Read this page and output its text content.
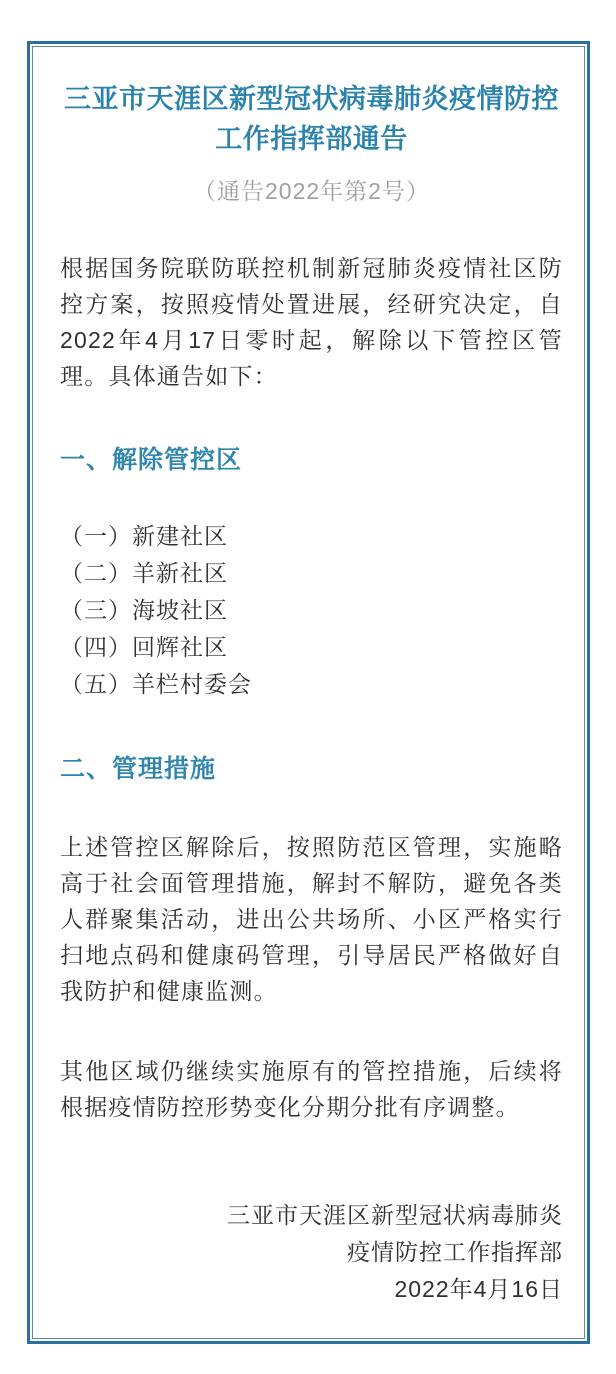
三亚市天涯区新型冠状病毒肺炎疫情防控工作指挥部通告
（通告2022年第2号）

根据国务院联防联控机制新冠肺炎疫情社区防控方案，按照疫情处置进展，经研究决定，自2022年4月17日零时起，解除以下管控区管理。具体通告如下：

一、解除管控区
（一）新建社区
（二）羊新社区
（三）海坡社区
（四）回辉社区
（五）羊栏村委会
二、管理措施

上述管控区解除后，按照防范区管理，实施略高于社会面管理措施，解封不解防，避免各类人群聚集活动，进出公共场所、小区严格实行扫地点码和健康码管理，引导居民严格做好自我防护和健康监测。

其他区域仍继续实施原有的管控措施，后续将根据疫情防控形势变化分期分批有序调整。

三亚市天涯区新型冠状病毒肺炎
疫情防控工作指挥部
2022年4月16日
